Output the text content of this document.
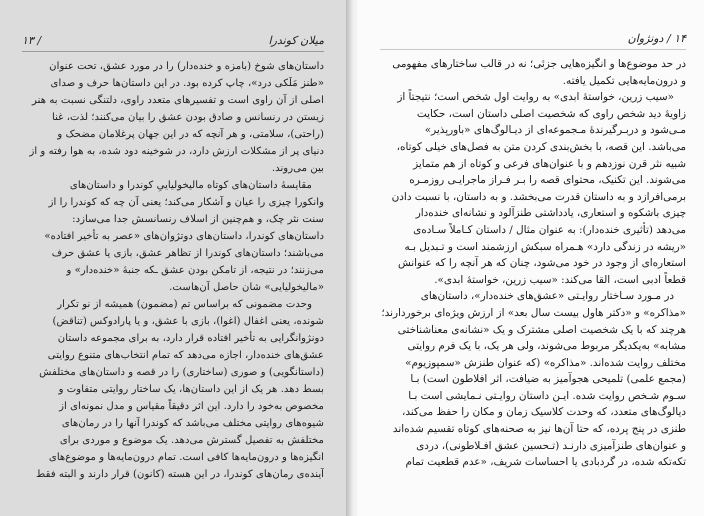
میلان کوندرا
/ ۱۳
داستان‌های شوخ (بامزه و خنده‌دار) را در مورد عشق، تحت عنوان
«طنز مَلَکی درد»، چاپ کرده بود. در این داستان‌ها حرف و صدای
اصلی از آن راوی است و تفسیرهای متعدد راوی، دلتنگی نسبت به هنر
زیستن در رنسانس و صادق بودن عشق را بیان می‌کنند؛ لذت، غنا
(راحتی)، سلامتی، و هر آنچه که در این جهان پرغلامان مضحک و
دنیای پر از مشکلات ارزش دارد، در شوخینه دود شده، به هوا رفته و از
بین می‌روند.
مقایسهٔ داستان‌های کوتاه مالیخولیایی‌ِ کوندرا و داستان‌های
وانکورا چیزی را عیان و آشکار می‌کند؛ یعنی آن چه که کوندرا را از
سنت نثر چک، و هم‌چنین از اسلاف رنسانسش جدا می‌سازد:
داستان‌های کوندرا، داستان‌های دوتژوان‌های «عصر به تأخیر افتاده»
می‌باشند؛ داستان‌های کوندرا از تظاهر عشق، بازی یا عشق حرف
می‌زنند؛ در نتیجه، از تامکن بودن عشق ـکه جنبهٔ «خنده‌دار» و
«مالیخولیایی» شان حاصل آن‌هاست.
وحدت مضمونی که براساس تم (مضمون) همیشه از نو تکرار
شونده، یعنی اغفال (اغوا)، بازی با عشق، و یا پارادوکس (تناقض)
دونژوانگرایی به تأخیر افتاده قرار دارد، به برای مجموعه داستان
عشق‌های خنده‌دار، اجازه می‌دهد که تمام انتخاب‌های متنوع روایتی
(داستانگویی) و صوری (ساختاری) را در قصه و داستان‌های مختلفش
بسط دهد. هر یک از این داستان‌ها، یک ساختار روایتی متفاوت و
مخصوص به‌خود را دارد. این اثر دقیقاً مقیاس و مدل نمونه‌ای از
شیوه‌های روایتی مختلف می‌باشد که کوندرا آنها را در رمان‌های
مختلفش به تفصیل گسترش می‌دهد. یک موضوع و موردی برای
انگیزه‌ها و درون‌مایه‌ها کافی است. تمام درون‌مایه‌ها و موضوع‌های
آینده‌ی رمان‌های کوندرا، در این هسته (کانون) قرار دارند و البته فقط
۱۴ / دونژوان
در حد موضوع‌ها و انگیزه‌هایی جزئی؛ نه در قالب ساختارهای مفهومی
و درون‌مایه‌هایی تکمیل یافته.
«سیب زرین، خواستهٔ ابدی» به روایت اول شخص است؛ نتیجتاً از
زاویهٔ دید شخص راوی که شخصیت اصلی داستان است، حکایت
مـی‌شود و دربـرگیرندهٔ مـجموعه‌ای از دیـالوگ‌های «باورپذیر»
می‌باشد. این قصه، با بخش‌بندی کردن متن به فصل‌های خیلی کوتاه،
شبیه نثر قرن نوزدهم و با عنوان‌های فرعی و کوتاه از هم متمایز
می‌شوند. این تکنیک، محتوای قصه را بـر فـراز ماجرایـی روزمـره
برمی‌افرازد و به داستان قدرت می‌بخشد. و به داستان، با نسبت دادن
چیزی باشکوه و استعاری، یادداشتی طنزآلود و نشانه‌ای خنده‌دار
می‌دهد (تأثیری خنده‌دار): به عنوان مثال / داستان کـاملاً سـاده‌ی
«ریشه در زندگی دارد» هـمراه سبکش ارزشمند است و تـبدیل بـه
استعاره‌ای از وجود در خود می‌شود، چنان که هر آنچه را که عنوانش
قطعاً ادبی است، القا می‌کند: «سیب زرین، خواستهٔ ابدی».
در مـورد سـاختار روایـتی «عشق‌های خنده‌دار»، داستان‌های
«مذاکره» و «دکتر هاول بیست سال بعد» از ارزش ویژه‌ای برخوردارند؛
هرچند که با یک شخصیت اصلی مشترک و یک «نشانه‌ی معناشناختی
مشابه» به‌یکدیگر مربوط می‌شوند، ولی هر یک، با یک فرم روایتی
مختلف روایت شده‌اند. «مذاکره» (که عنوان طنزش «سمپوزیوم»
(مجمع علمی) تلمیحی هجوآمیز به ضیافت، اثر افلاطون است) بـا
سـوم شـخص روایت شده. ایـن داستان روایـتی نـمایشی است بـا
دیالوگ‌های متعدد، که وحدت کلاسیک زمان و مکان را حفظ می‌کند،
طنزی در پنج پرده، که حتا آن‌ها نیز به صحنه‌های کوتاه تقسیم شده‌اند
و عنوان‌های طنزآمیزی دارنـد (تـحسین عشق افـلاطونی)، دردی
تکه‌تکه شده، در گردبادی یا احساسات شریف، «عدم قطعیت تمام
